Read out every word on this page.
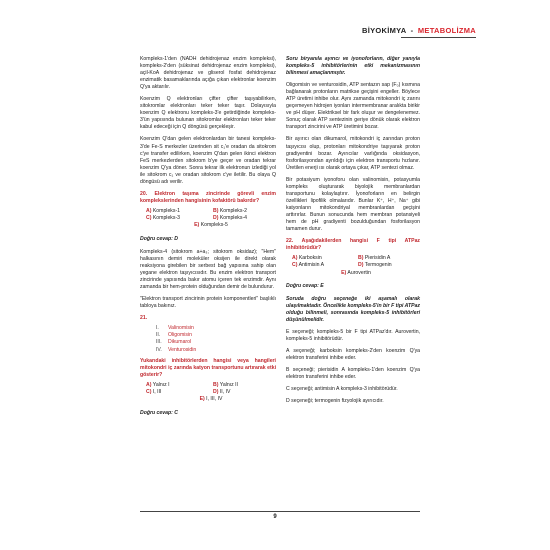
BİYOKİMYA - METABOLİZMA

Kompleks-1'den (NADH dehidrojenaz enzim kompleksi), kompleks-2'den (süksinat dehidrojenaz enzim kompleksi), açil-KoA dehidrojenaz ve gliserol fosfat dehidrojenaz enzimatik basamaklarında açığa çıkan elektronlar koenzim Q'ya aktarılır.

Koenzim Q elektronları çifter çifter taşıyabilirken, sitokromlar elektronları teker teker taşır. Dolayısıyla koenzim Q elektronu kompleks-3'e getirdiğinde kompleks-3'ün yapısında bulunan sitokromlar elektronları teker teker kabul edeceği için Q döngüsü gerçekleşir.

Koenzim Q'dan gelen elektronlardan bir tanesi kompleks-3'de Fe-S merkezler üzerinden sit c₁'e oradan da sitokrom c'ye transfer edilirken, koenzim Q'dan gelen ikinci elektron FeS merkezlerden sitokrom b'ye geçer ve oradan tekrar koenzim Q'ya döner. Sonra tekrar ilk elektronun izlediği yol ile sitokrom c₁ ve oradan sitokrom c'ye iletilir. Bu olaya Q döngüsü adı verilir.

20. Elektron taşıma zincirinde görevli enzim komplekslerinden hangisinin kofaktörü bakırdır?

A) Kompleks-1	B) Kompleks-2
C) Kompleks-3	D) Kompleks-4
E) Kompleks-5

Doğru cevap: D

Kompleks-4 (sitokrom a+a₃; sitokrom oksidaz); "Hem" halkasının demiri moleküler oksijen ile direkt olarak reaksiyona girebilen bir serbest bağ yapısına sahip olan yegane elektron taşıyıcısıdır. Bu enzim elektron transport zincirinde yapısında bakır atomu içeren tek enzimdir. Aynı zamanda bir hem-protein olduğundan demir de bulundurur.

"Elektron transport zincirinin protein komponentleri" başlıklı tabloya bakınız.

21.

I. Valinomisin
II. Oligomisin
III. Dikumarol
IV. Venturosidin

Yukarıdaki inhibitörlerden hangisi veya hangileri mitokondri iç zarında katyon transportunu artırarak etki gösterir?

A) Yalnız I	B) Yalnız II
C) I, III	D) II, IV
E) I, III, IV

Doğru cevap: C

Soru biryanıla ayırıcı ve iyonoforların, diğer yanıyla kompleks-5 inhibitörlerinin etki mekanizmasının bilinmesi amaçlanmıştır.

Oligomisin ve venturosidin, ATP sentazın sap (F₀) kısmına bağlanarak protonların matrikse geçişini engeller. Böylece ATP üretimi inhibe olur. Aynı zamanda mitokondri iç zarını geçemeyen hidrojen iyonları intermembranar aralıkta birikir ve pH düşer. Elektriksel bir fark oluşur ve dengelenemez. Sonuç olarak ATP sentezinin geriye dönük olarak elektron transport zincirini ve ATP üretimini bozar.

Bir ayırıcı olan dikumarol, mitokondri iç zarından proton taşıyıcısı olup, protonları mitokondriye taşıyarak proton gradiyentini bozar. Ayırıcılar varlığında oksidasyon, fosforilasyondan ayrıldığı için elektron transportu hızlanır. Üretilen enerji ısı olarak ortaya çıkar, ATP sentezi olmaz.

Bir potasiyum iyonoforu olan valinomisin, potasyumla kompleks oluşturarak biyolojik membranlardan transportunu kolaylaştırır. İyonoforların en belirgin özellikleri lipofilik olmalarıdır. Bunlar K⁺, H⁺, Na⁺ gibi katyonların mitokondriyal membranlardan geçişini arttırırlar. Bunun sonucunda hem membran potansiyeli hem de pH gradiyenti bozulduğundan fosforilasyon tamamen durur.

22. Aşağıdakilerden hangisi F tipi ATPaz inhibitörüdür?

A) Karboksin	B) Pierisidin A
C) Antimisin A	D) Termogenin
E) Aurovertin

Doğru cevap: E

Soruda doğru seçeneğe iki aşamalı olarak ulaşılmaktadır. Öncelikle kompleks-5'in bir F tipi ATPaz olduğu bilinmeli, sonrasında kompleks-5 inhibitörleri düşünülmelidir.

E seçeneği; kompleks-5 bir F tipi ATPaz'dır. Aurovertin, kompleks-5 inhibitörüdür.

A seçeneği; karboksin kompleks-2'den koenzim Q'ya elektron transferini inhibe eder.

B seçeneği; pierisidin A kompleks-1'den koenzim Q'ya elektron transferini inhibe eder.

C seçeneği; antimisin A kompleks-3 inhibitörüdür.

D seçeneği; termogenin fizyolojik ayırıcıdır.

9
